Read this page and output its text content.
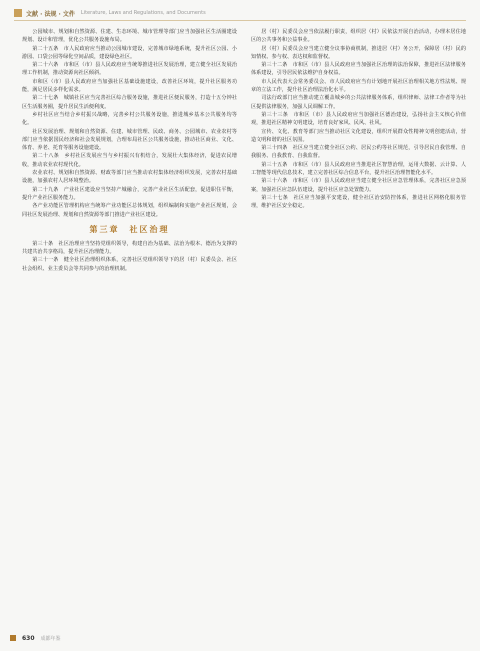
文献 · 法规 · 文件 Literature, Laws and Regulations, and Documents

公园城市、规划和自然资源、住建、生态环境、城市管理等部门应当加强社区生活圈建设规划、设计和管理，优化公共服务设施布局。

第二十五条　市人民政府应当推动公园城市建设，完善城市绿地系统，提升社区公园、小游园、口袋公园等绿化空间品质，建设绿色社区。

第二十六条　市和区（市）县人民政府应当统筹推进社区发展治理，建立健全社区发展治理工作机制，推动资源向社区倾斜。

市和区（市）县人民政府应当加强社区基础设施建设，改善社区环境，提升社区服务功能，满足居民多样化需求。

第二十七条　城镇社区应当完善社区综合服务设施，推进社区便民服务，打造十五分钟社区生活服务圈，提升居民生活便利度。

乡村社区应当结合乡村振兴战略，完善乡村公共服务设施，推进城乡基本公共服务均等化。

社区发展治理、规划和自然资源、住建、城市管理、民政、商务、公园城市、农业农村等部门应当依据国民经济和社会发展规划，合理布局社区公共服务设施，推动社区商业、文化、体育、养老、托育等服务设施建设。

第二十八条　乡村社区发展应当与乡村振兴有机结合，发展壮大集体经济，促进农民增收，推动农业农村现代化。

农业农村、规划和自然资源、财政等部门应当推动农村集体经济组织发展，完善农村基础设施，加强农村人居环境整治。

第二十九条　产业社区建设应当坚持产城融合，完善产业社区生活配套，促进职住平衡，提升产业社区服务能力。

各产业功能区管理机构应当统筹产业功能区总体规划，组织编制和实施产业社区规划，会同社区发展治理、规划和自然资源等部门推进产业社区建设。

第三章　社区治理

第三十条　社区治理应当坚持党组织领导，构建自治为基础、法治为根本、德治为支撑的共建共治共享格局，提升社区治理能力。

第三十一条　健全社区治理组织体系，完善社区党组织领导下的居（村）民委员会、社区社会组织、业主委员会等共同参与的治理机制。

居（村）民委员会应当依法履行职责，组织居（村）民依法开展自治活动，办理本居住地区的公共事务和公益事业。

居（村）民委员会应当建立健全议事协商机制，推进居（村）务公开，保障居（村）民的知情权、参与权、表达权和监督权。

第三十二条　市和区（市）县人民政府应当加强社区治理的法治保障，推进社区法律服务体系建设，引导居民依法维护自身权益。

市人民代表大会常务委员会、市人民政府应当有计划地开展社区治理相关地方性法规、规章的立法工作，提升社区治理法治化水平。

司法行政部门应当推动建立覆盖城乡的公共法律服务体系，组织律师、法律工作者等为社区提供法律服务，加强人民调解工作。

第三十三条　市和区（市）县人民政府应当加强社区德治建设，弘扬社会主义核心价值观，推进社区精神文明建设，培育良好家风、民风、社风。

宣传、文化、教育等部门应当推动社区文化建设，组织开展群众性精神文明创建活动，营造文明和谐的社区氛围。

第三十四条　社区应当建立健全社区公约、居民公约等社区规范，引导居民自我管理、自我服务、自我教育、自我监督。

第三十五条　市和区（市）县人民政府应当推进社区智慧治理，运用大数据、云计算、人工智能等现代信息技术，建立完善社区综合信息平台，提升社区治理智能化水平。

第三十六条　市和区（市）县人民政府应当建立健全社区应急管理体系，完善社区应急预案，加强社区应急队伍建设，提升社区应急处置能力。

第三十七条　社区应当加强平安建设，健全社区治安防控体系，推进社区网格化服务管理，维护社区安全稳定。

630 成都年鉴
